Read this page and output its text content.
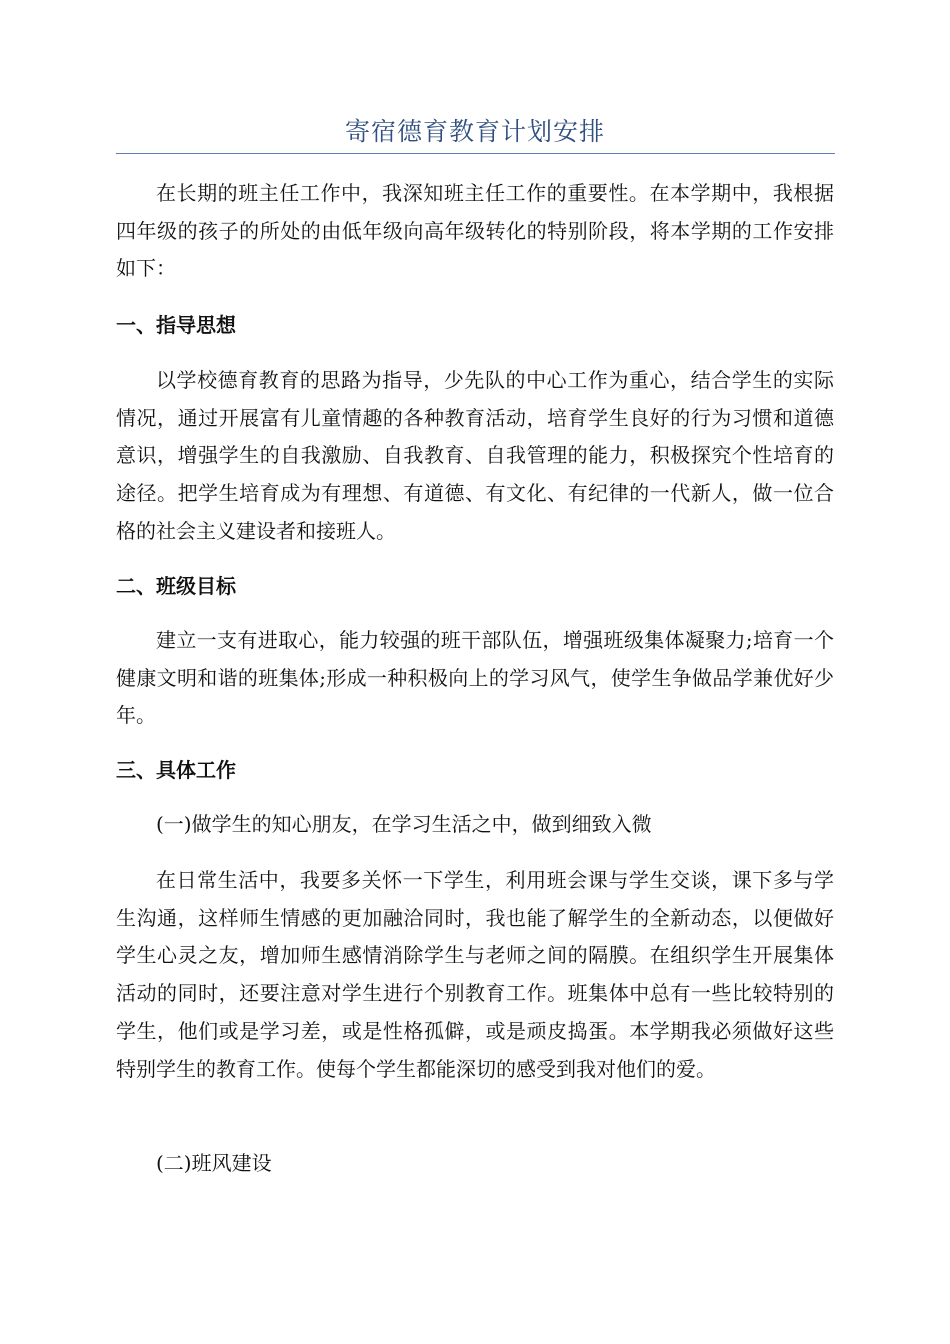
寄宿德育教育计划安排

在长期的班主任工作中，我深知班主任工作的重要性。在本学期中，我根据四年级的孩子的所处的由低年级向高年级转化的特别阶段，将本学期的工作安排如下：

一、指导思想

以学校德育教育的思路为指导，少先队的中心工作为重心，结合学生的实际情况，通过开展富有儿童情趣的各种教育活动，培育学生良好的行为习惯和道德意识，增强学生的自我激励、自我教育、自我管理的能力，积极探究个性培育的途径。把学生培育成为有理想、有道德、有文化、有纪律的一代新人，做一位合格的社会主义建设者和接班人。

二、班级目标

建立一支有进取心，能力较强的班干部队伍，增强班级集体凝聚力;培育一个健康文明和谐的班集体;形成一种积极向上的学习风气，使学生争做品学兼优好少年。

三、具体工作

(一)做学生的知心朋友，在学习生活之中，做到细致入微

在日常生活中，我要多关怀一下学生，利用班会课与学生交谈，课下多与学生沟通，这样师生情感的更加融洽同时，我也能了解学生的全新动态，以便做好学生心灵之友，增加师生感情消除学生与老师之间的隔膜。在组织学生开展集体活动的同时，还要注意对学生进行个别教育工作。班集体中总有一些比较特别的学生，他们或是学习差，或是性格孤僻，或是顽皮捣蛋。本学期我必须做好这些特别学生的教育工作。使每个学生都能深切的感受到我对他们的爱。

(二)班风建设
